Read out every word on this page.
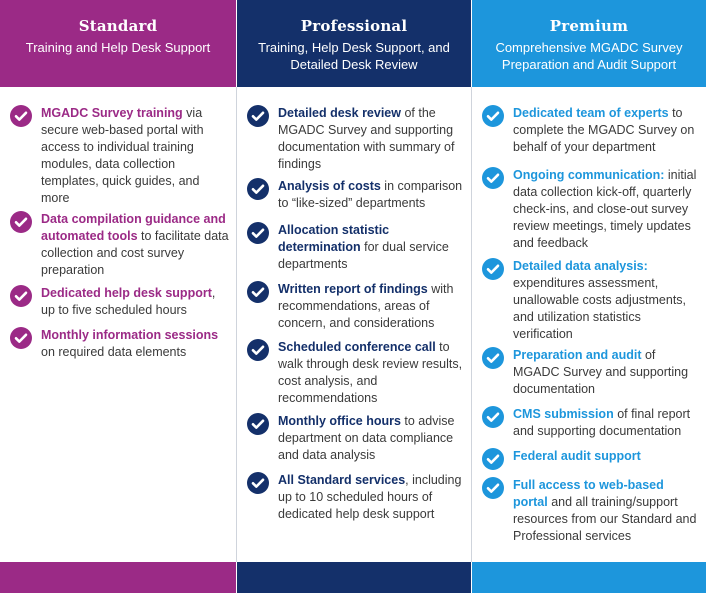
Standard
Training and Help Desk Support
MGADC Survey training via secure web-based portal with access to individual training modules, data collection templates, quick guides, and more
Data compilation guidance and automated tools to facilitate data collection and cost survey preparation
Dedicated help desk support, up to five scheduled hours
Monthly information sessions on required data elements
Professional
Training, Help Desk Support, and Detailed Desk Review
Detailed desk review of the MGADC Survey and supporting documentation with summary of findings
Analysis of costs in comparison to “like-sized” departments
Allocation statistic determination for dual service departments
Written report of findings with recommendations, areas of concern, and considerations
Scheduled conference call to walk through desk review results, cost analysis, and recommendations
Monthly office hours to advise department on data compliance and data analysis
All Standard services, including up to 10 scheduled hours of dedicated help desk support
Premium
Comprehensive MGADC Survey Preparation and Audit Support
Dedicated team of experts to complete the MGADC Survey on behalf of your department
Ongoing communication: initial data collection kick-off, quarterly check-ins, and close-out survey review meetings, timely updates and feedback
Detailed data analysis: expenditures assessment, unallowable costs adjustments, and utilization statistics verification
Preparation and audit of MGADC Survey and supporting documentation
CMS submission of final report and supporting documentation
Federal audit support
Full access to web-based portal and all training/support resources from our Standard and Professional services
